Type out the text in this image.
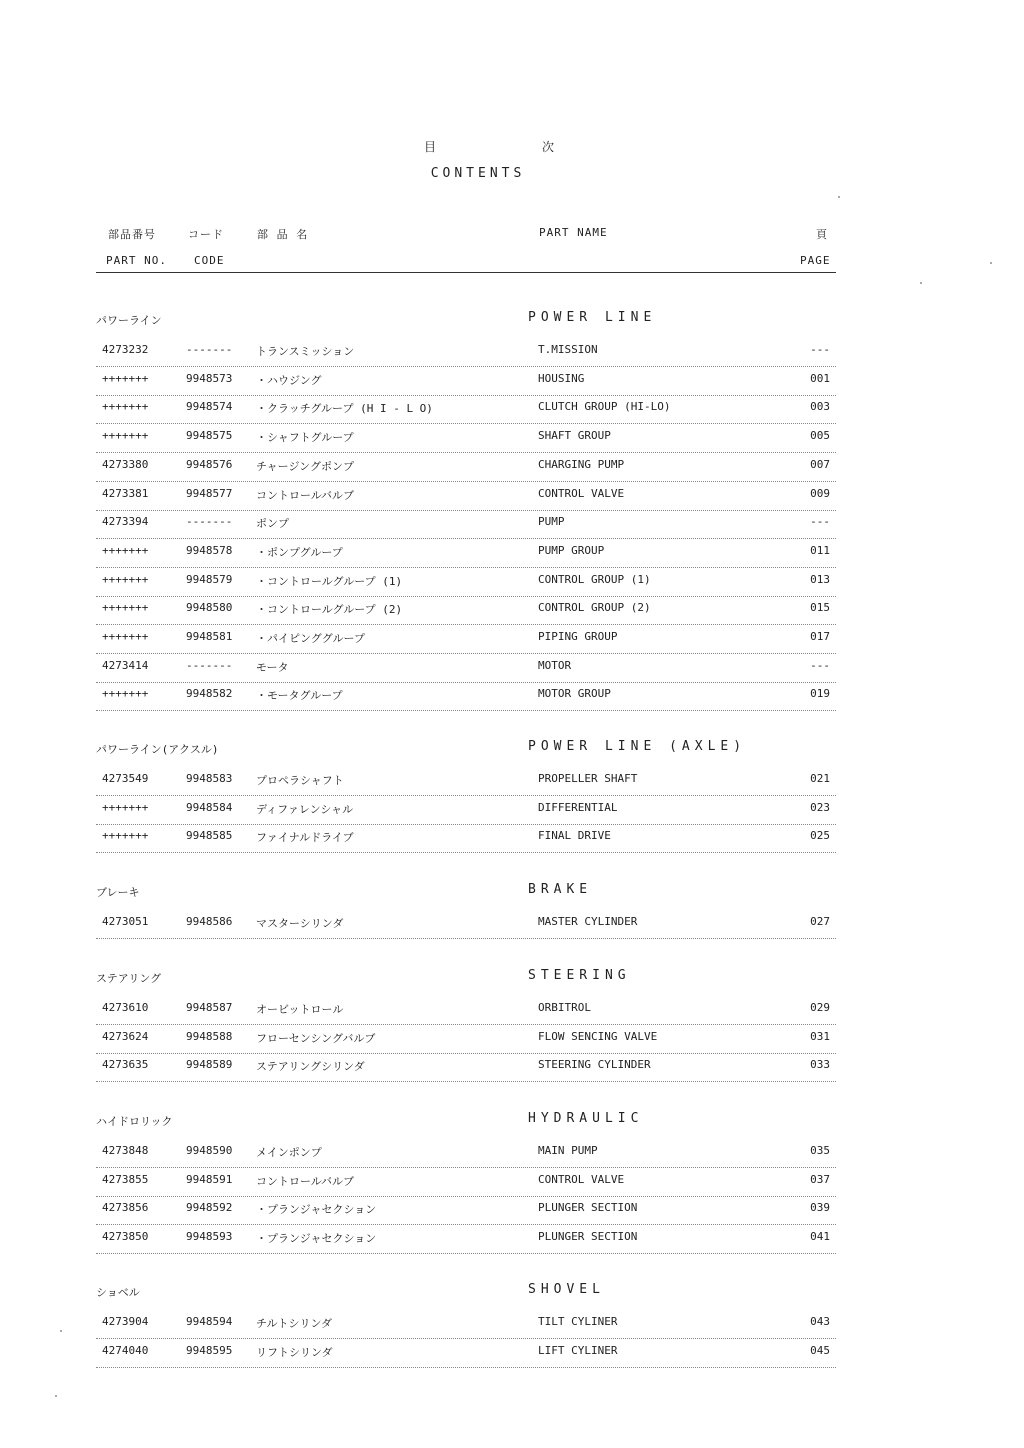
目	次
CONTENTS
部品番号	コード	部 品 名	PART NAME	頁
PART NO. CODE	PAGE
パワーライン	POWER LINE
4273232	-------	トランスミッション	T.MISSION	---
+++++++	9948573	・ハウジング	HOUSING	001
+++++++	9948574	・クラッチグループ (H I - L O)	CLUTCH GROUP (HI-LO)	003
+++++++	9948575	・シャフトグループ	SHAFT GROUP	005
4273380	9948576	チャージングポンプ	CHARGING PUMP	007
4273381	9948577	コントロールバルブ	CONTROL VALVE	009
4273394	-------	ポンプ	PUMP	---
+++++++	9948578	・ポンプグループ	PUMP GROUP	011
+++++++	9948579	・コントロールグループ (1)	CONTROL GROUP (1)	013
+++++++	9948580	・コントロールグループ (2)	CONTROL GROUP (2)	015
+++++++	9948581	・パイピンググループ	PIPING GROUP	017
4273414	-------	モータ	MOTOR	---
+++++++	9948582	・モータグループ	MOTOR GROUP	019
パワーライン(アクスル)	POWER LINE (AXLE)
4273549	9948583	プロペラシャフト	PROPELLER SHAFT	021
+++++++	9948584	ディファレンシャル	DIFFERENTIAL	023
+++++++	9948585	ファイナルドライブ	FINAL DRIVE	025
ブレーキ	BRAKE
4273051	9948586	マスターシリンダ	MASTER CYLINDER	027
ステアリング	STEERING
4273610	9948587	オービットロール	ORBITROL	029
4273624	9948588	フローセンシングバルブ	FLOW SENCING VALVE	031
4273635	9948589	ステアリングシリンダ	STEERING CYLINDER	033
ハイドロリック	HYDRAULIC
4273848	9948590	メインポンプ	MAIN PUMP	035
4273855	9948591	コントロールバルブ	CONTROL VALVE	037
4273856	9948592	・プランジャセクション	PLUNGER SECTION	039
4273850	9948593	・プランジャセクション	PLUNGER SECTION	041
ショベル	SHOVEL
4273904	9948594	チルトシリンダ	TILT CYLINER	043
4274040	9948595	リフトシリンダ	LIFT CYLINER	045
